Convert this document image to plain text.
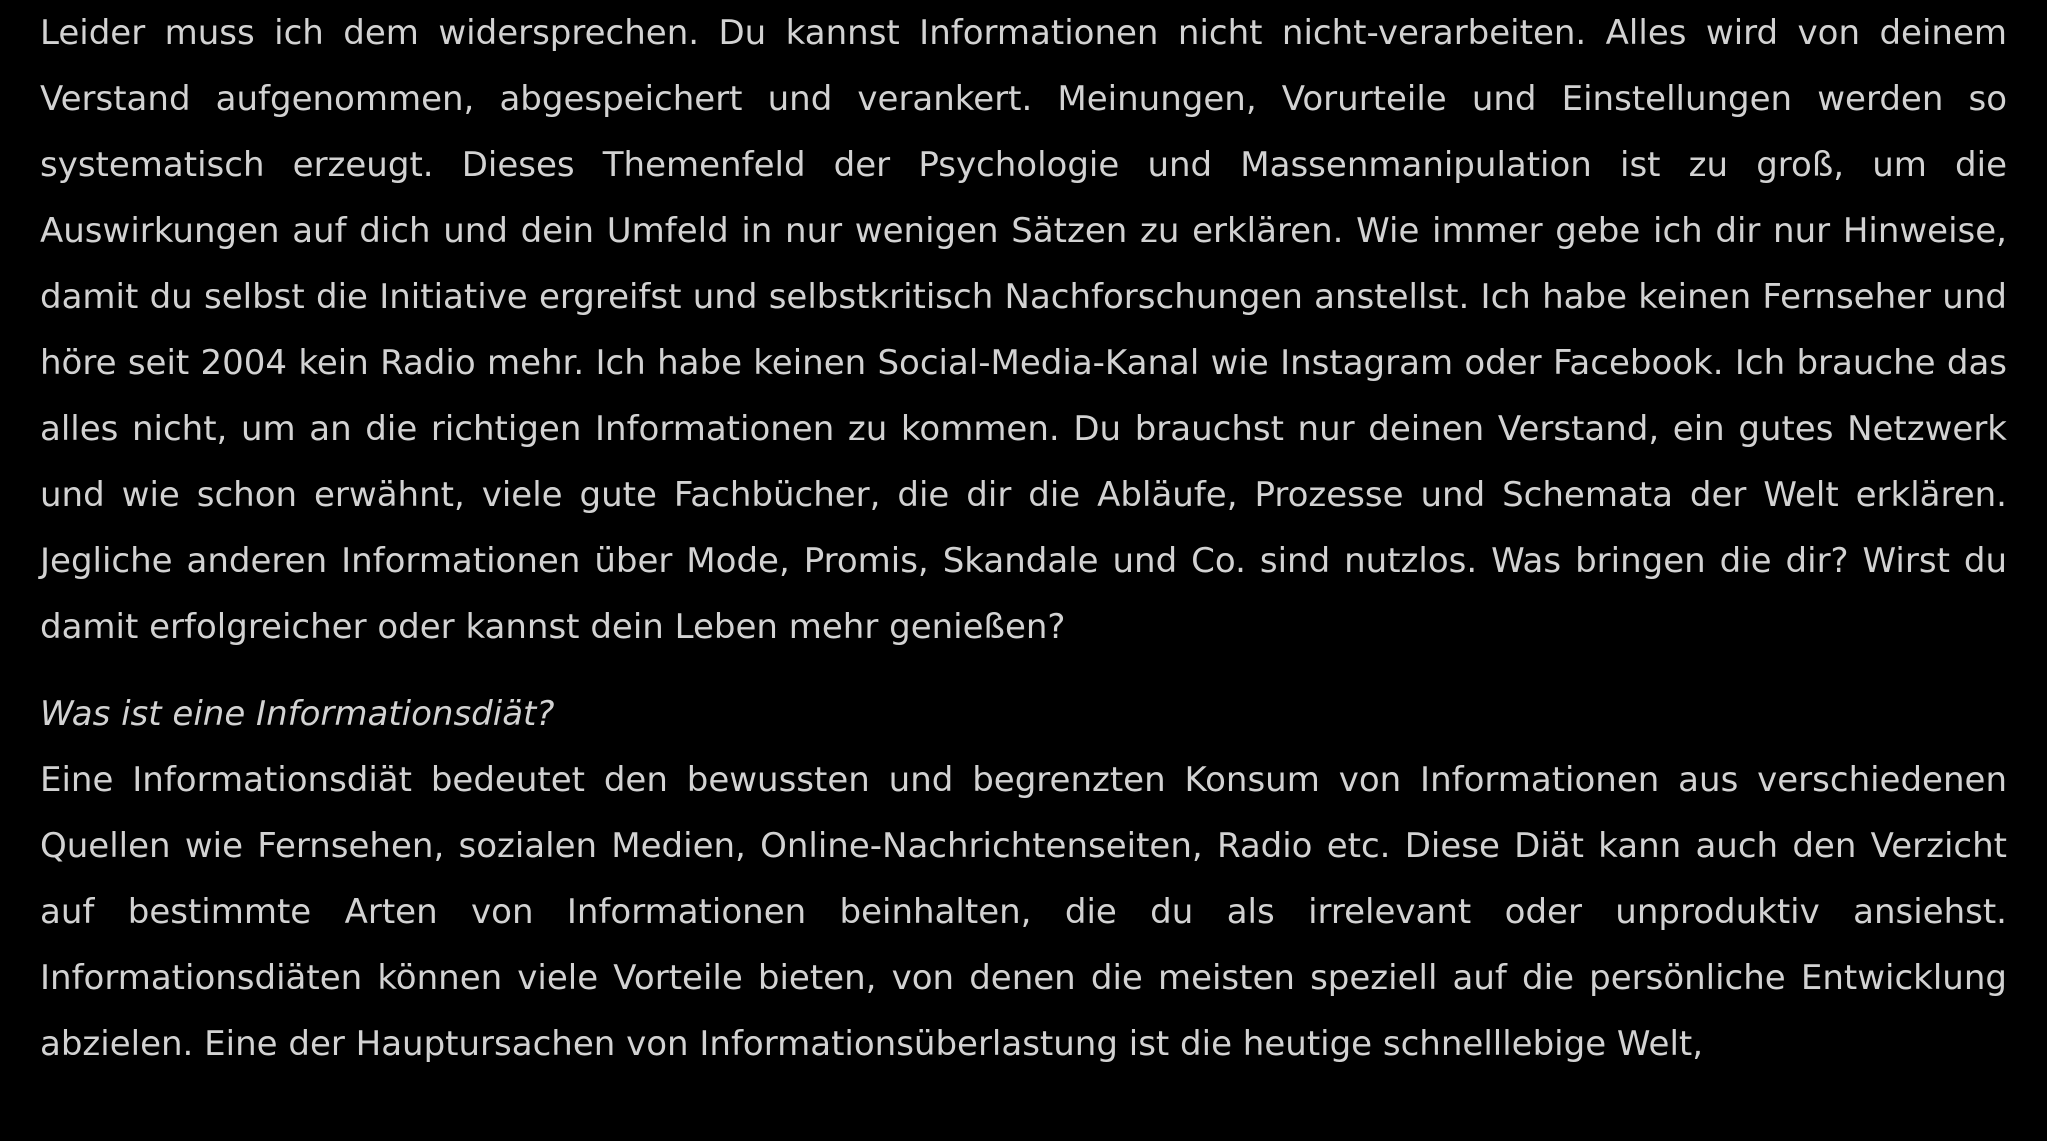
Leider muss ich dem widersprechen. Du kannst Informationen nicht nicht-verarbeiten. Alles wird von deinem Verstand aufgenommen, abgespeichert und verankert. Meinungen, Vorurteile und Einstellungen werden so systematisch erzeugt. Dieses Themenfeld der Psychologie und Massenmanipulation ist zu groß, um die Auswirkungen auf dich und dein Umfeld in nur wenigen Sätzen zu erklären. Wie immer gebe ich dir nur Hinweise, damit du selbst die Initiative ergreifst und selbstkritisch Nachforschungen anstellst. Ich habe keinen Fernseher und höre seit 2004 kein Radio mehr. Ich habe keinen Social-Media-Kanal wie Instagram oder Facebook. Ich brauche das alles nicht, um an die richtigen Informationen zu kommen. Du brauchst nur deinen Verstand, ein gutes Netzwerk und wie schon erwähnt, viele gute Fachbücher, die dir die Abläufe, Prozesse und Schemata der Welt erklären. Jegliche anderen Informationen über Mode, Promis, Skandale und Co. sind nutzlos. Was bringen die dir? Wirst du damit erfolgreicher oder kannst dein Leben mehr genießen?

Was ist eine Informationsdiät?

Eine Informationsdiät bedeutet den bewussten und begrenzten Konsum von Informationen aus verschiedenen Quellen wie Fernsehen, sozialen Medien, Online-Nachrichtenseiten, Radio etc. Diese Diät kann auch den Verzicht auf bestimmte Arten von Informationen beinhalten, die du als irrelevant oder unproduktiv ansiehst. Informationsdiäten können viele Vorteile bieten, von denen die meisten speziell auf die persönliche Entwicklung abzielen. Eine der Hauptursachen von Informationsüberlastung ist die heutige schnelllebige Welt,
